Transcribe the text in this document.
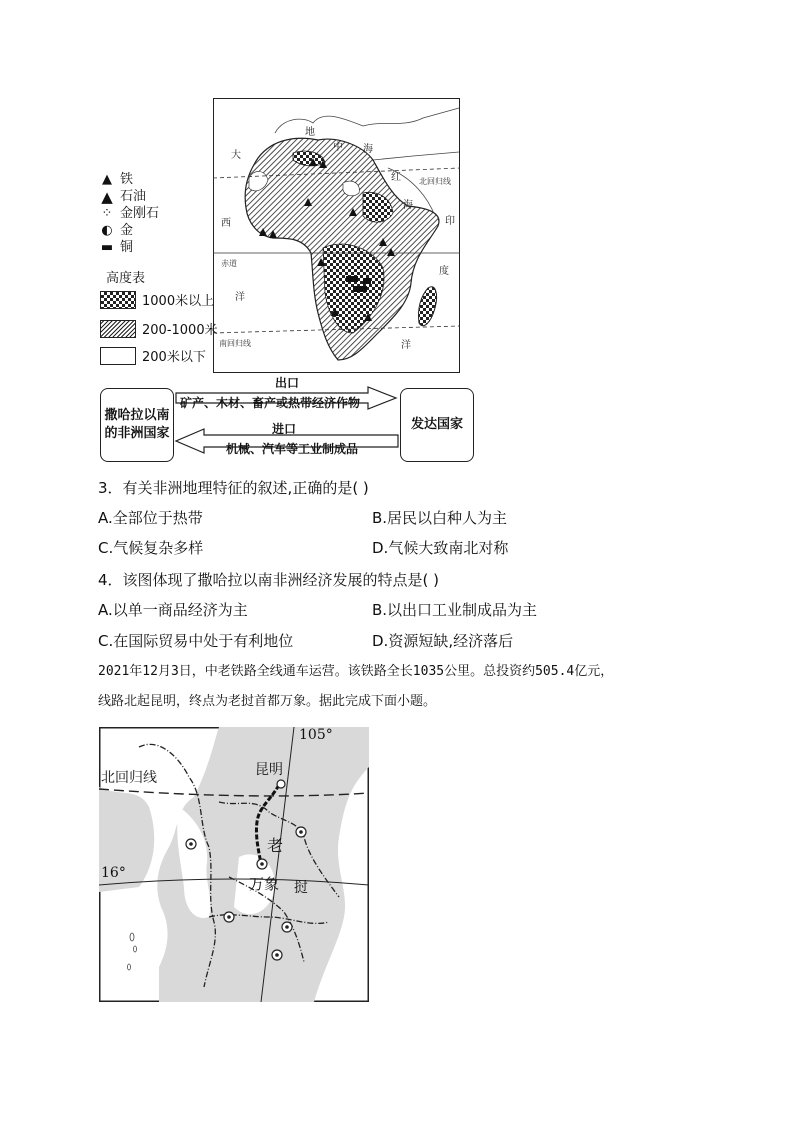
地
中 海
红
海
大
西
洋
印
度
洋
北回归线
赤道
南回归线
▲ 铁
▲ 石油
⁘ 金刚石
◐ 金
▬ 铜
高度表
1000米以上
200-1000米
200米以下
撒哈拉以南的非洲国家
发达国家
出口
矿产、木材、畜产或热带经济作物
进口
机械、汽车等工业制成品
3．有关非洲地理特征的叙述,正确的是( )
A.全部位于热带	B.居民以白种人为主
C.气候复杂多样	D.气候大致南北对称
4．该图体现了撒哈拉以南非洲经济发展的特点是( )
A.以单一商品经济为主	B.以出口工业制成品为主
C.在国际贸易中处于有利地位	D.资源短缺,经济落后
2021年12月3日，中老铁路全线通车运营。该铁路全长1035公里。总投资约505.4亿元，
线路北起昆明，终点为老挝首都万象。据此完成下面小题。
105°
北回归线	昆明
16°
老
万象 挝
